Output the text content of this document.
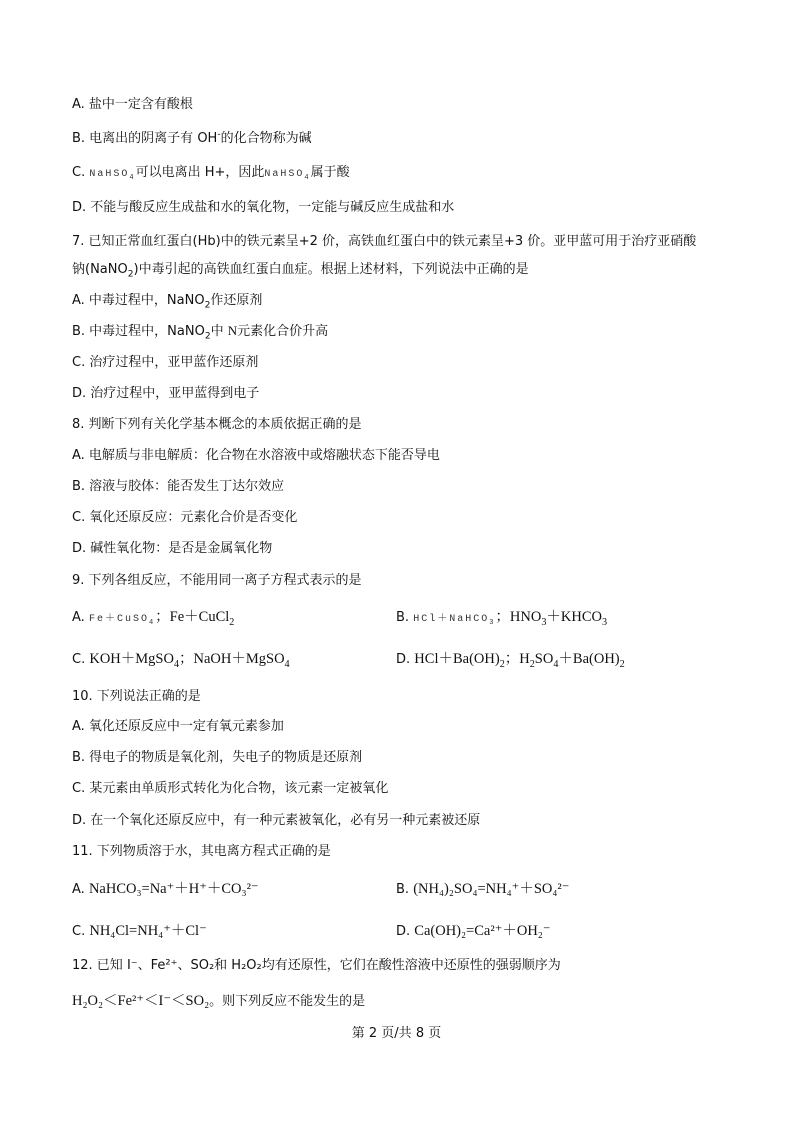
A. 盐中一定含有酸根
B. 电离出的阴离子有 OH-的化合物称为碱
C. NaHSO$_4$可以电离出 H+，因此NaHSO$_4$属于酸
D. 不能与酸反应生成盐和水的氧化物，一定能与碱反应生成盐和水
7. 已知正常血红蛋白(Hb)中的铁元素呈+2 价，高铁血红蛋白中的铁元素呈+3 价。亚甲蓝可用于治疗亚硝酸
钠(NaNO$_2$)中毒引起的高铁血红蛋白血症。根据上述材料，下列说法中正确的是
A. 中毒过程中，NaNO$_2$作还原剂
B. 中毒过程中，NaNO$_2$中 N元素化合价升高
C. 治疗过程中，亚甲蓝作还原剂
D. 治疗过程中，亚甲蓝得到电子
8. 判断下列有关化学基本概念的本质依据正确的是
A. 电解质与非电解质：化合物在水溶液中或熔融状态下能否导电
B. 溶液与胶体：能否发生丁达尔效应
C. 氧化还原反应：元素化合价是否变化
D. 碱性氧化物：是否是金属氧化物
9. 下列各组反应，不能用同一离子方程式表示的是
A. Fe＋CuSO$_4$；Fe＋CuCl$_2$	B. HCl＋NaHCO$_3$；$HNO_3+KHCO_3$
C. KOH＋MgSO$_4$；NaOH＋MgSO$_4$	D. $HCl+Ba(OH)_2$；$H_2SO_4+Ba(OH)_2$
10. 下列说法正确的是
A. 氧化还原反应中一定有氧元素参加
B. 得电子的物质是氧化剂，失电子的物质是还原剂
C. 某元素由单质形式转化为化合物，该元素一定被氧化
D. 在一个氧化还原反应中，有一种元素被氧化，必有另一种元素被还原
11. 下列物质溶于水，其电离方程式正确的是
A. NaHCO₃=Na⁺＋H⁺＋CO₃²⁻	B. (NH₄)₂SO₄=NH₄⁺＋SO₄²⁻
C. NH₄Cl=NH₄⁺＋Cl⁻	D. Ca(OH)₂=Ca²⁺＋OH₂⁻
12. 已知 I⁻、Fe²⁺、SO₂和 H₂O₂均有还原性，它们在酸性溶液中还原性的强弱顺序为
H₂O₂＜Fe²⁺＜I⁻＜SO₂。则下列反应不能发生的是
第 2 页/共 8 页
